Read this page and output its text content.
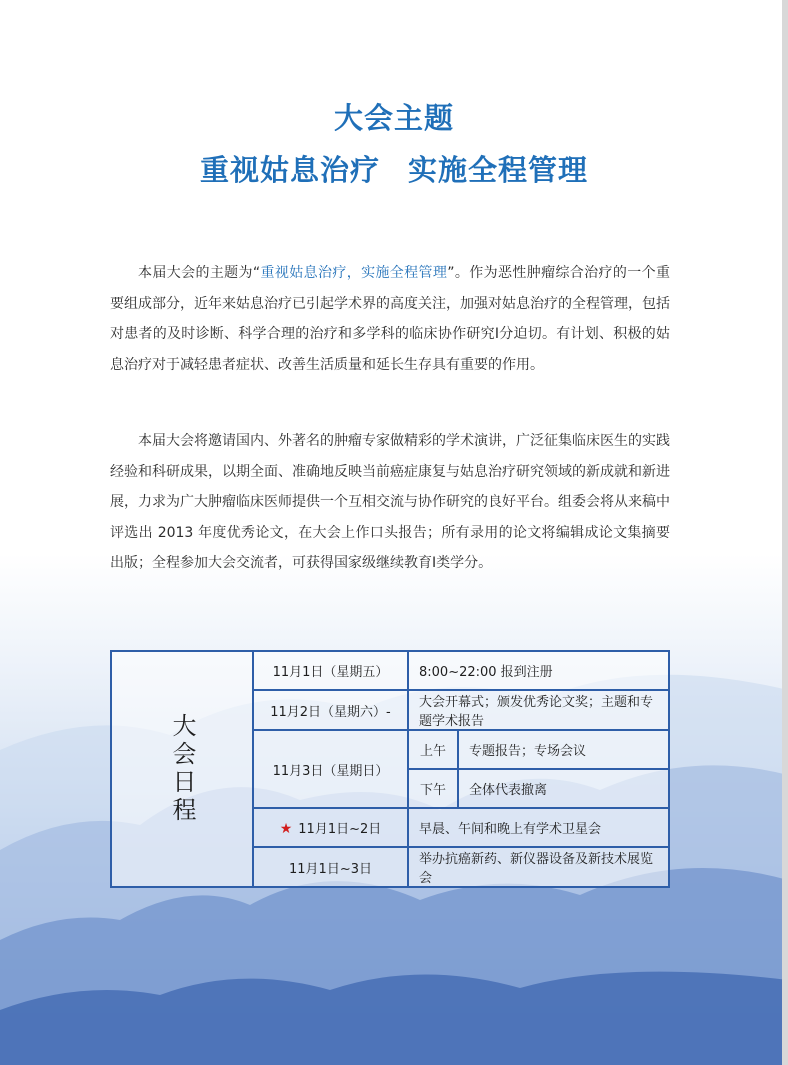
大会主题
重视姑息治疗 实施全程管理
本届大会的主题为“重视姑息治疗，实施全程管理”。作为恶性肿瘤综合治疗的一个重要组成部分，近年来姑息治疗已引起学术界的高度关注，加强对姑息治疗的全程管理，包括对患者的及时诊断、科学合理的治疗和多学科的临床协作研究Ⅰ分迫切。有计划、积极的姑息治疗对于减轻患者症状、改善生活质量和延长生存具有重要的作用。
本届大会将邀请国内、外著名的肿瘤专家做精彩的学术演讲，广泛征集临床医生的实践经验和科研成果，以期全面、准确地反映当前癌症康复与姑息治疗研究领域的新成就和新进展，力求为广大肿瘤临床医师提供一个互相交流与协作研究的良好平台。组委会将从来稿中评选出 2013 年度优秀论文，在大会上作口头报告；所有录用的论文将编辑成论文集摘要出版；全程参加大会交流者，可获得国家级继续教育Ⅰ类学分。
大会日程	11月1日（星期五）	8:00~22:00 报到注册	
	11月2日（星期六）-	大会开幕式；颁发优秀论文奖；主题和专题学术报告	
	11月3日（星期日）	上午	专题报告；专场会议
		下午	全体代表撤离
	★ 11月1日~2日	早晨、午间和晚上有学术卫星会	
	11月1日~3日	举办抗癌新药、新仪器设备及新技术展览会	
